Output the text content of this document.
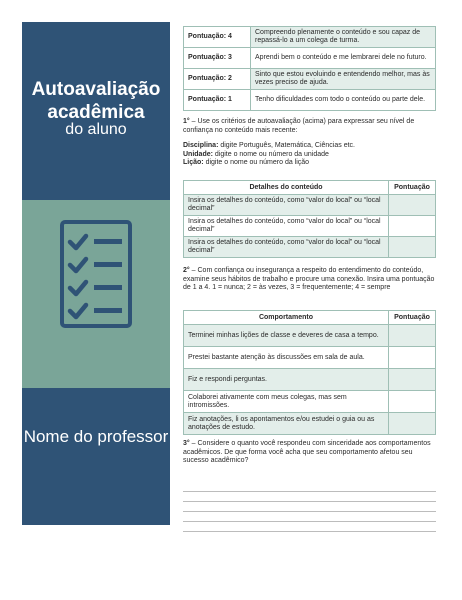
Autoavaliação acadêmica
do aluno
Nome do professor
Pontuação: 4	Compreendo plenamente o conteúdo e sou capaz de repassá-lo a um colega de turma.
Pontuação: 3	Aprendi bem o conteúdo e me lembrarei dele no futuro.
Pontuação: 2	Sinto que estou evoluindo e entendendo melhor, mas às vezes preciso de ajuda.
Pontuação: 1	Tenho dificuldades com todo o conteúdo ou parte dele.
1° – Use os critérios de autoavaliação (acima) para expressar seu nível de confiança no conteúdo mais recente:
Disciplina: digite Português, Matemática, Ciências etc.
Unidade: digite o nome ou número da unidade
Lição: digite o nome ou número da lição
Detalhes do conteúdo	Pontuação
Insira os detalhes do conteúdo, como “valor do local” ou “local decimal”	
Insira os detalhes do conteúdo, como “valor do local” ou “local decimal”	
Insira os detalhes do conteúdo, como “valor do local” ou “local decimal”	
2° – Com confiança ou insegurança a respeito do entendimento do conteúdo, examine seus hábitos de trabalho e procure uma conexão. Insira uma pontuação de 1 a 4. 1 = nunca; 2 = às vezes, 3 = frequentemente; 4 = sempre
Comportamento	Pontuação
Terminei minhas lições de classe e deveres de casa a tempo.	
Prestei bastante atenção às discussões em sala de aula.	
Fiz e respondi perguntas.	
Colaborei ativamente com meus colegas, mas sem intromissões.	
Fiz anotações, li os apontamentos e/ou estudei o guia ou as anotações de estudo.	
3° – Considere o quanto você respondeu com sinceridade aos comportamentos acadêmicos. De que forma você acha que seu comportamento afetou seu sucesso acadêmico?
